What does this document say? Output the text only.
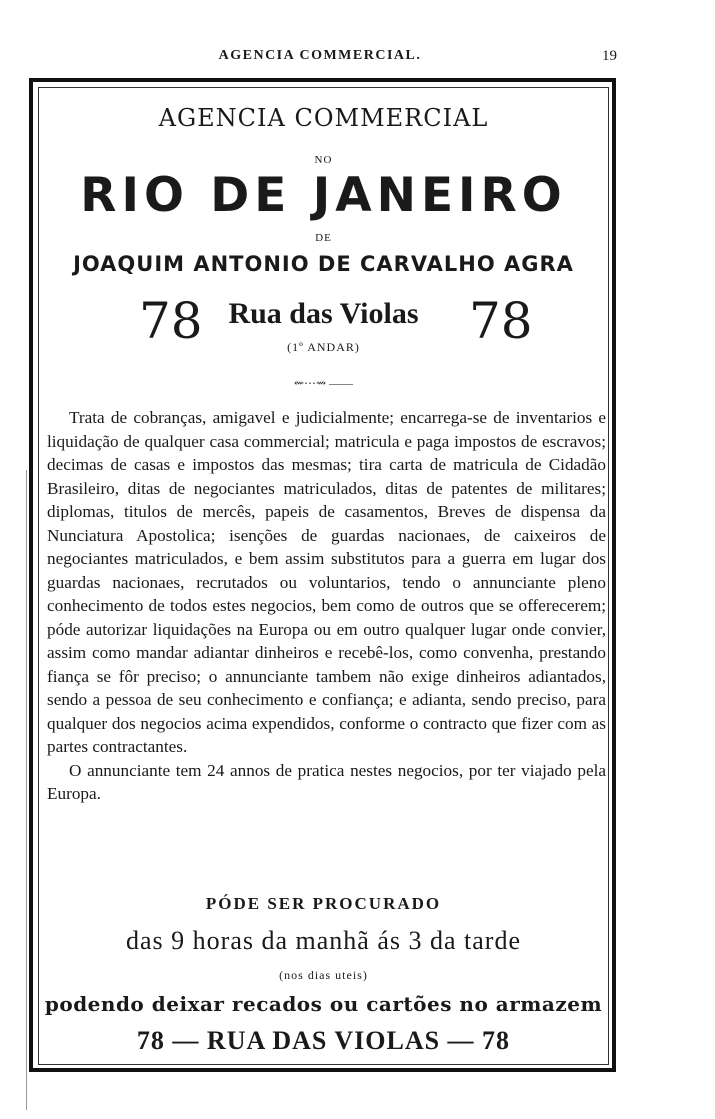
AGENCIA COMMERCIAL.	19
AGENCIA COMMERCIAL
NO
RIO DE JANEIRO
DE
JOAQUIM ANTONIO DE CARVALHO AGRA
78 Rua das Violas	78
(1º ANDAR)
⇜⋯⇝ ——

Trata de cobranças, amigavel e judicialmente; encarrega-se de inventarios e liquidação de qualquer casa commercial; matricula e paga impostos de escravos; decimas de casas e impostos das mesmas; tira carta de matricula de Cidadão Brasileiro, ditas de negociantes matriculados, ditas de patentes de militares; diplomas, titulos de mercês, papeis de casamentos, Breves de dispensa da Nunciatura Apostolica; isenções de guardas nacionaes, de caixeiros de negociantes matriculados, e bem assim substitutos para a guerra em lugar dos guardas nacionaes, recrutados ou voluntarios, tendo o annunciante pleno conhecimento de todos estes negocios, bem como de outros que se offerecerem; póde autorizar liquidações na Europa ou em outro qualquer lugar onde convier, assim como mandar adiantar dinheiros e recebê-los, como convenha, prestando fiança se fôr preciso; o annunciante tambem não exige dinheiros adiantados, sendo a pessoa de seu conhecimento e confiança; e adianta, sendo preciso, para qualquer dos negocios acima expendidos, conforme o contracto que fizer com as partes contractantes.

O annunciante tem 24 annos de pratica nestes negocios, por ter viajado pela Europa.

PÓDE SER PROCURADO
das 9 horas da manhã ás 3 da tarde
(nos dias uteis)
podendo deixar recados ou cartões no armazem
78 — RUA DAS VIOLAS — 78
